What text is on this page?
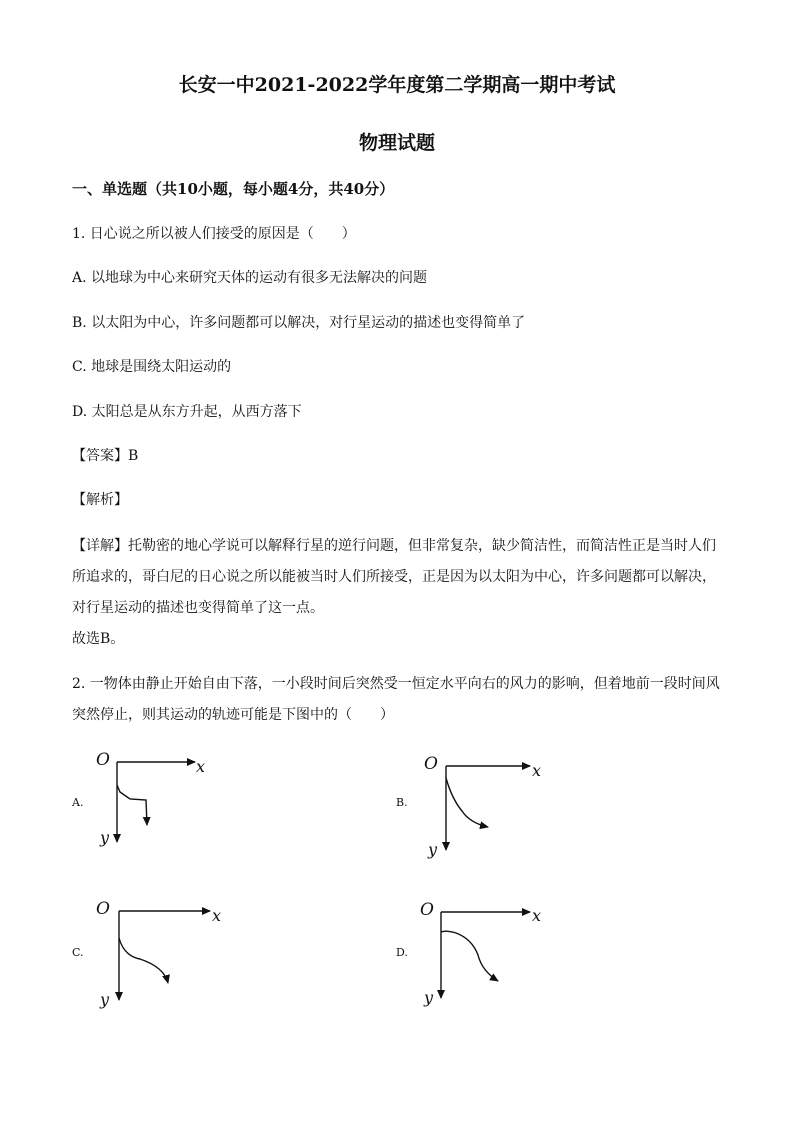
长安一中2021-2022学年度第二学期高一期中考试
物理试题
一、单选题（共10小题，每小题4分，共40分）
1. 日心说之所以被人们接受的原因是（　　）
A. 以地球为中心来研究天体的运动有很多无法解决的问题
B. 以太阳为中心，许多问题都可以解决，对行星运动的描述也变得简单了
C. 地球是围绕太阳运动的
D. 太阳总是从东方升起，从西方落下
【答案】B
【解析】
【详解】托勒密的地心学说可以解释行星的逆行问题，但非常复杂，缺少简洁性，而简洁性正是当时人们
所追求的，哥白尼的日心说之所以能被当时人们所接受，正是因为以太阳为中心，许多问题都可以解决，
对行星运动的描述也变得简单了这一点。
故选B。
2. 一物体由静止开始自由下落，一小段时间后突然受一恒定水平向右的风力的影响，但着地前一段时间风
突然停止，则其运动的轨迹可能是下图中的（　　）
A.
O	x
y
B.
O	x
y
C.
O	x
y
D.
O	x
y
